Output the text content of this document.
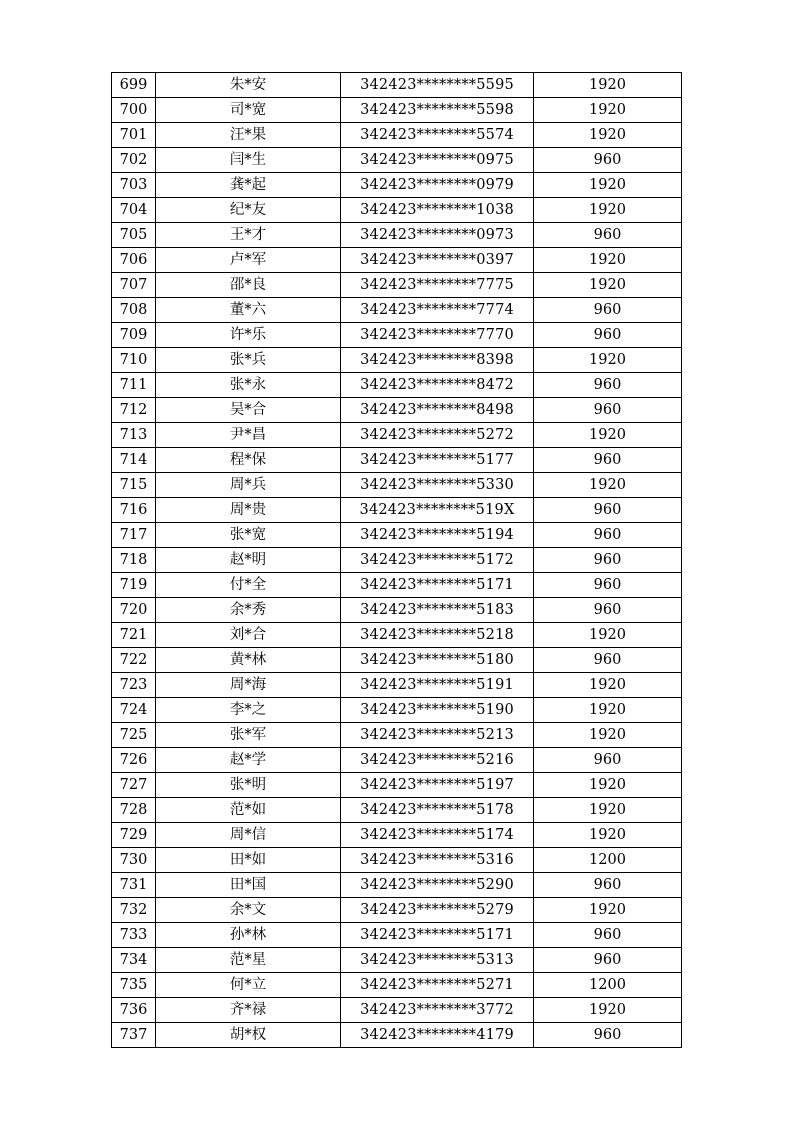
699	朱*安	342423********5595	1920
700	司*宽	342423********5598	1920
701	汪*果	342423********5574	1920
702	闫*生	342423********0975	960
703	龚*起	342423********0979	1920
704	纪*友	342423********1038	1920
705	王*才	342423********0973	960
706	卢*军	342423********0397	1920
707	邵*良	342423********7775	1920
708	董*六	342423********7774	960
709	许*乐	342423********7770	960
710	张*兵	342423********8398	1920
711	张*永	342423********8472	960
712	吴*合	342423********8498	960
713	尹*昌	342423********5272	1920
714	程*保	342423********5177	960
715	周*兵	342423********5330	1920
716	周*贵	342423********519X	960
717	张*宽	342423********5194	960
718	赵*明	342423********5172	960
719	付*全	342423********5171	960
720	余*秀	342423********5183	960
721	刘*合	342423********5218	1920
722	黄*林	342423********5180	960
723	周*海	342423********5191	1920
724	李*之	342423********5190	1920
725	张*军	342423********5213	1920
726	赵*学	342423********5216	960
727	张*明	342423********5197	1920
728	范*如	342423********5178	1920
729	周*信	342423********5174	1920
730	田*如	342423********5316	1200
731	田*国	342423********5290	960
732	余*文	342423********5279	1920
733	孙*林	342423********5171	960
734	范*星	342423********5313	960
735	何*立	342423********5271	1200
736	齐*禄	342423********3772	1920
737	胡*权	342423********4179	960
